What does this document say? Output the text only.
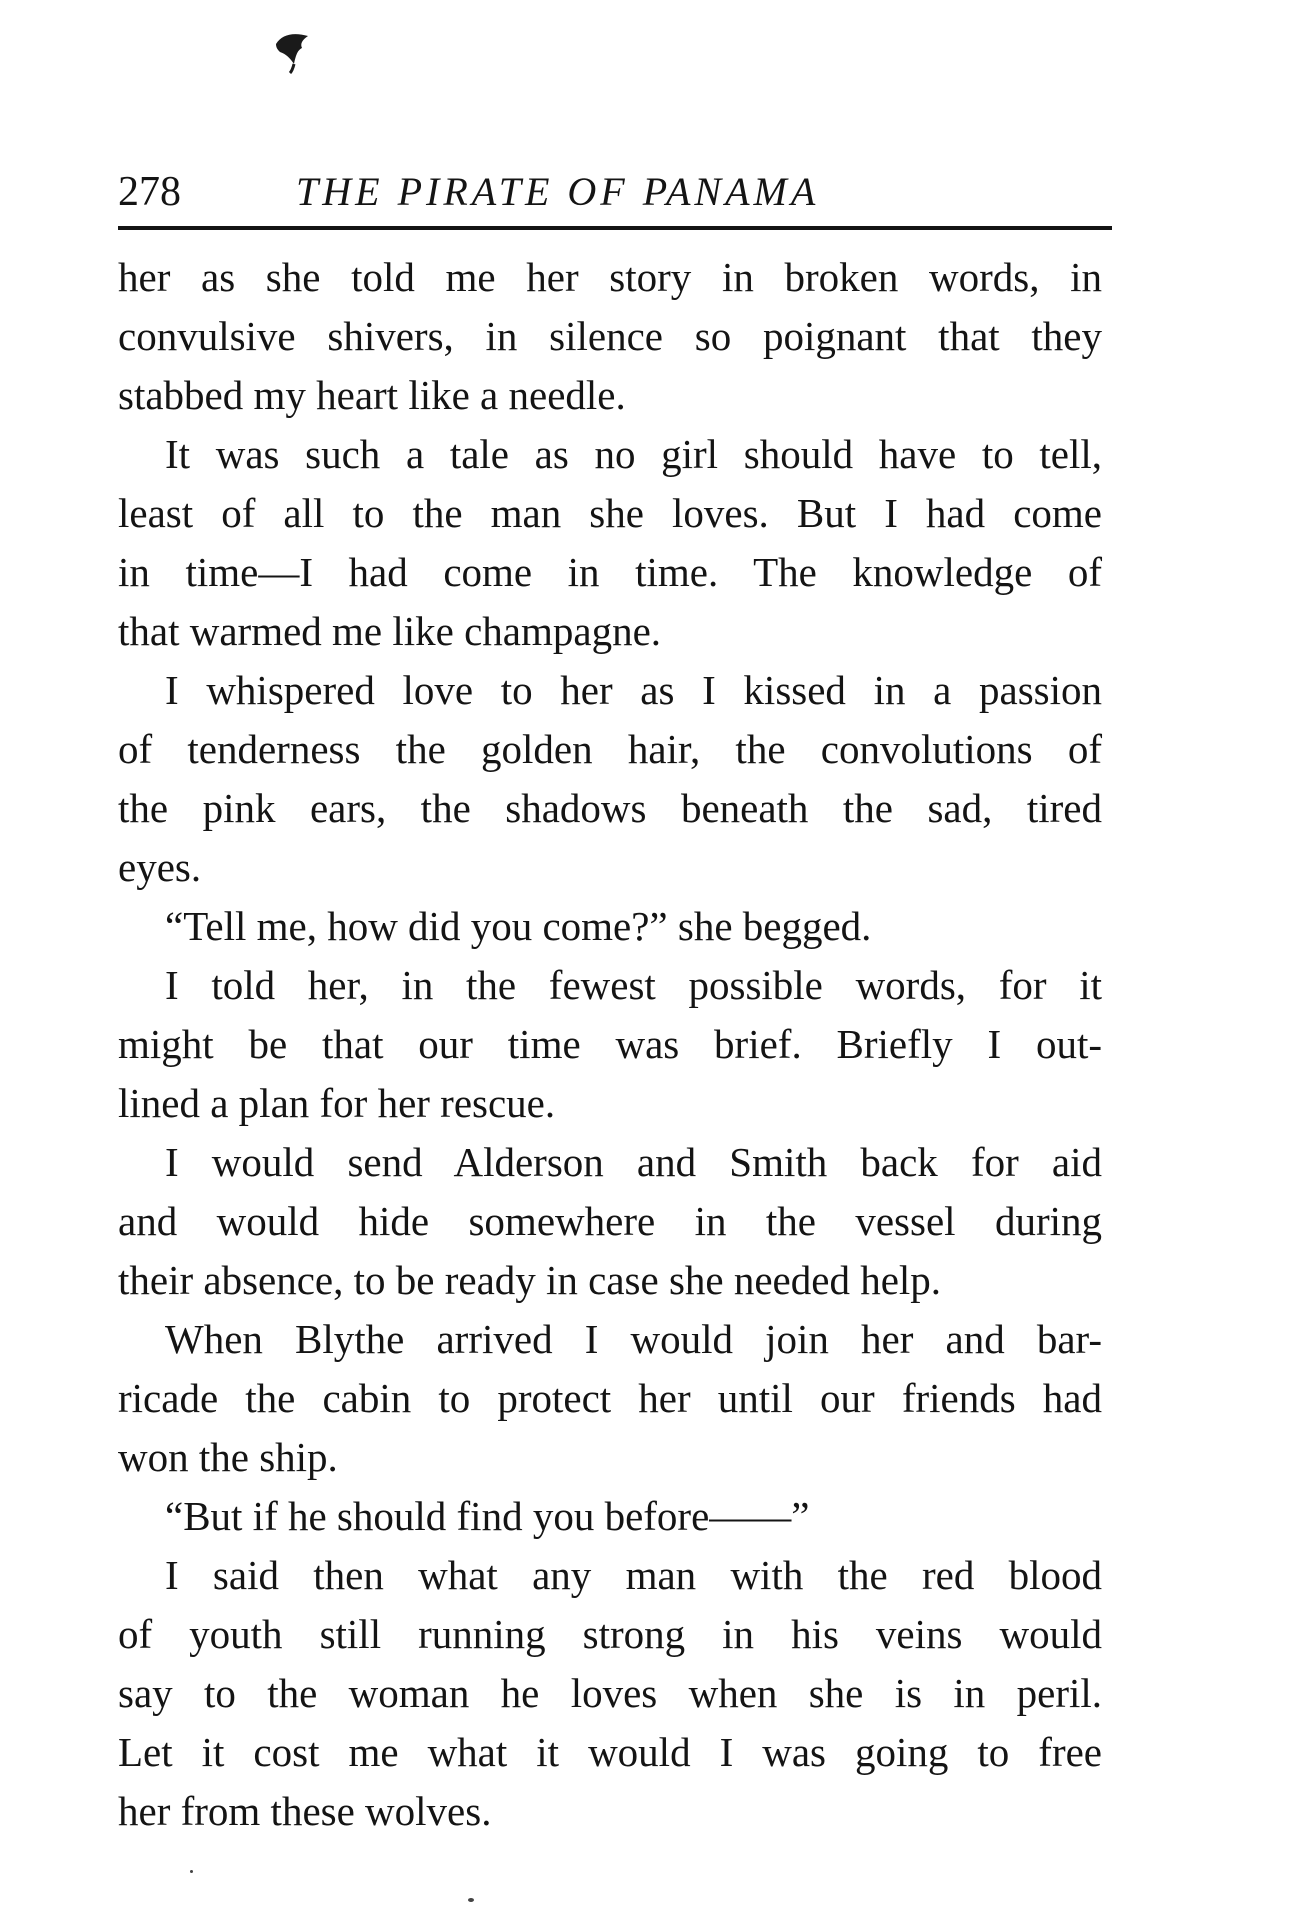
278	THE PIRATE OF PANAMA
her as she told me her story in broken words, in
convulsive shivers, in silence so poignant that they
stabbed my heart like a needle.
It was such a tale as no girl should have to tell,
least of all to the man she loves. But I had come
in time—I had come in time. The knowledge of
that warmed me like champagne.
I whispered love to her as I kissed in a passion
of tenderness the golden hair, the convolutions of
the pink ears, the shadows beneath the sad, tired
eyes.
“Tell me, how did you come?” she begged.
I told her, in the fewest possible words, for it
might be that our time was brief. Briefly I out-
lined a plan for her rescue.
I would send Alderson and Smith back for aid
and would hide somewhere in the vessel during
their absence, to be ready in case she needed help.
When Blythe arrived I would join her and bar-
ricade the cabin to protect her until our friends had
won the ship.
“But if he should find you before——”
I said then what any man with the red blood
of youth still running strong in his veins would
say to the woman he loves when she is in peril.
Let it cost me what it would I was going to free
her from these wolves.
